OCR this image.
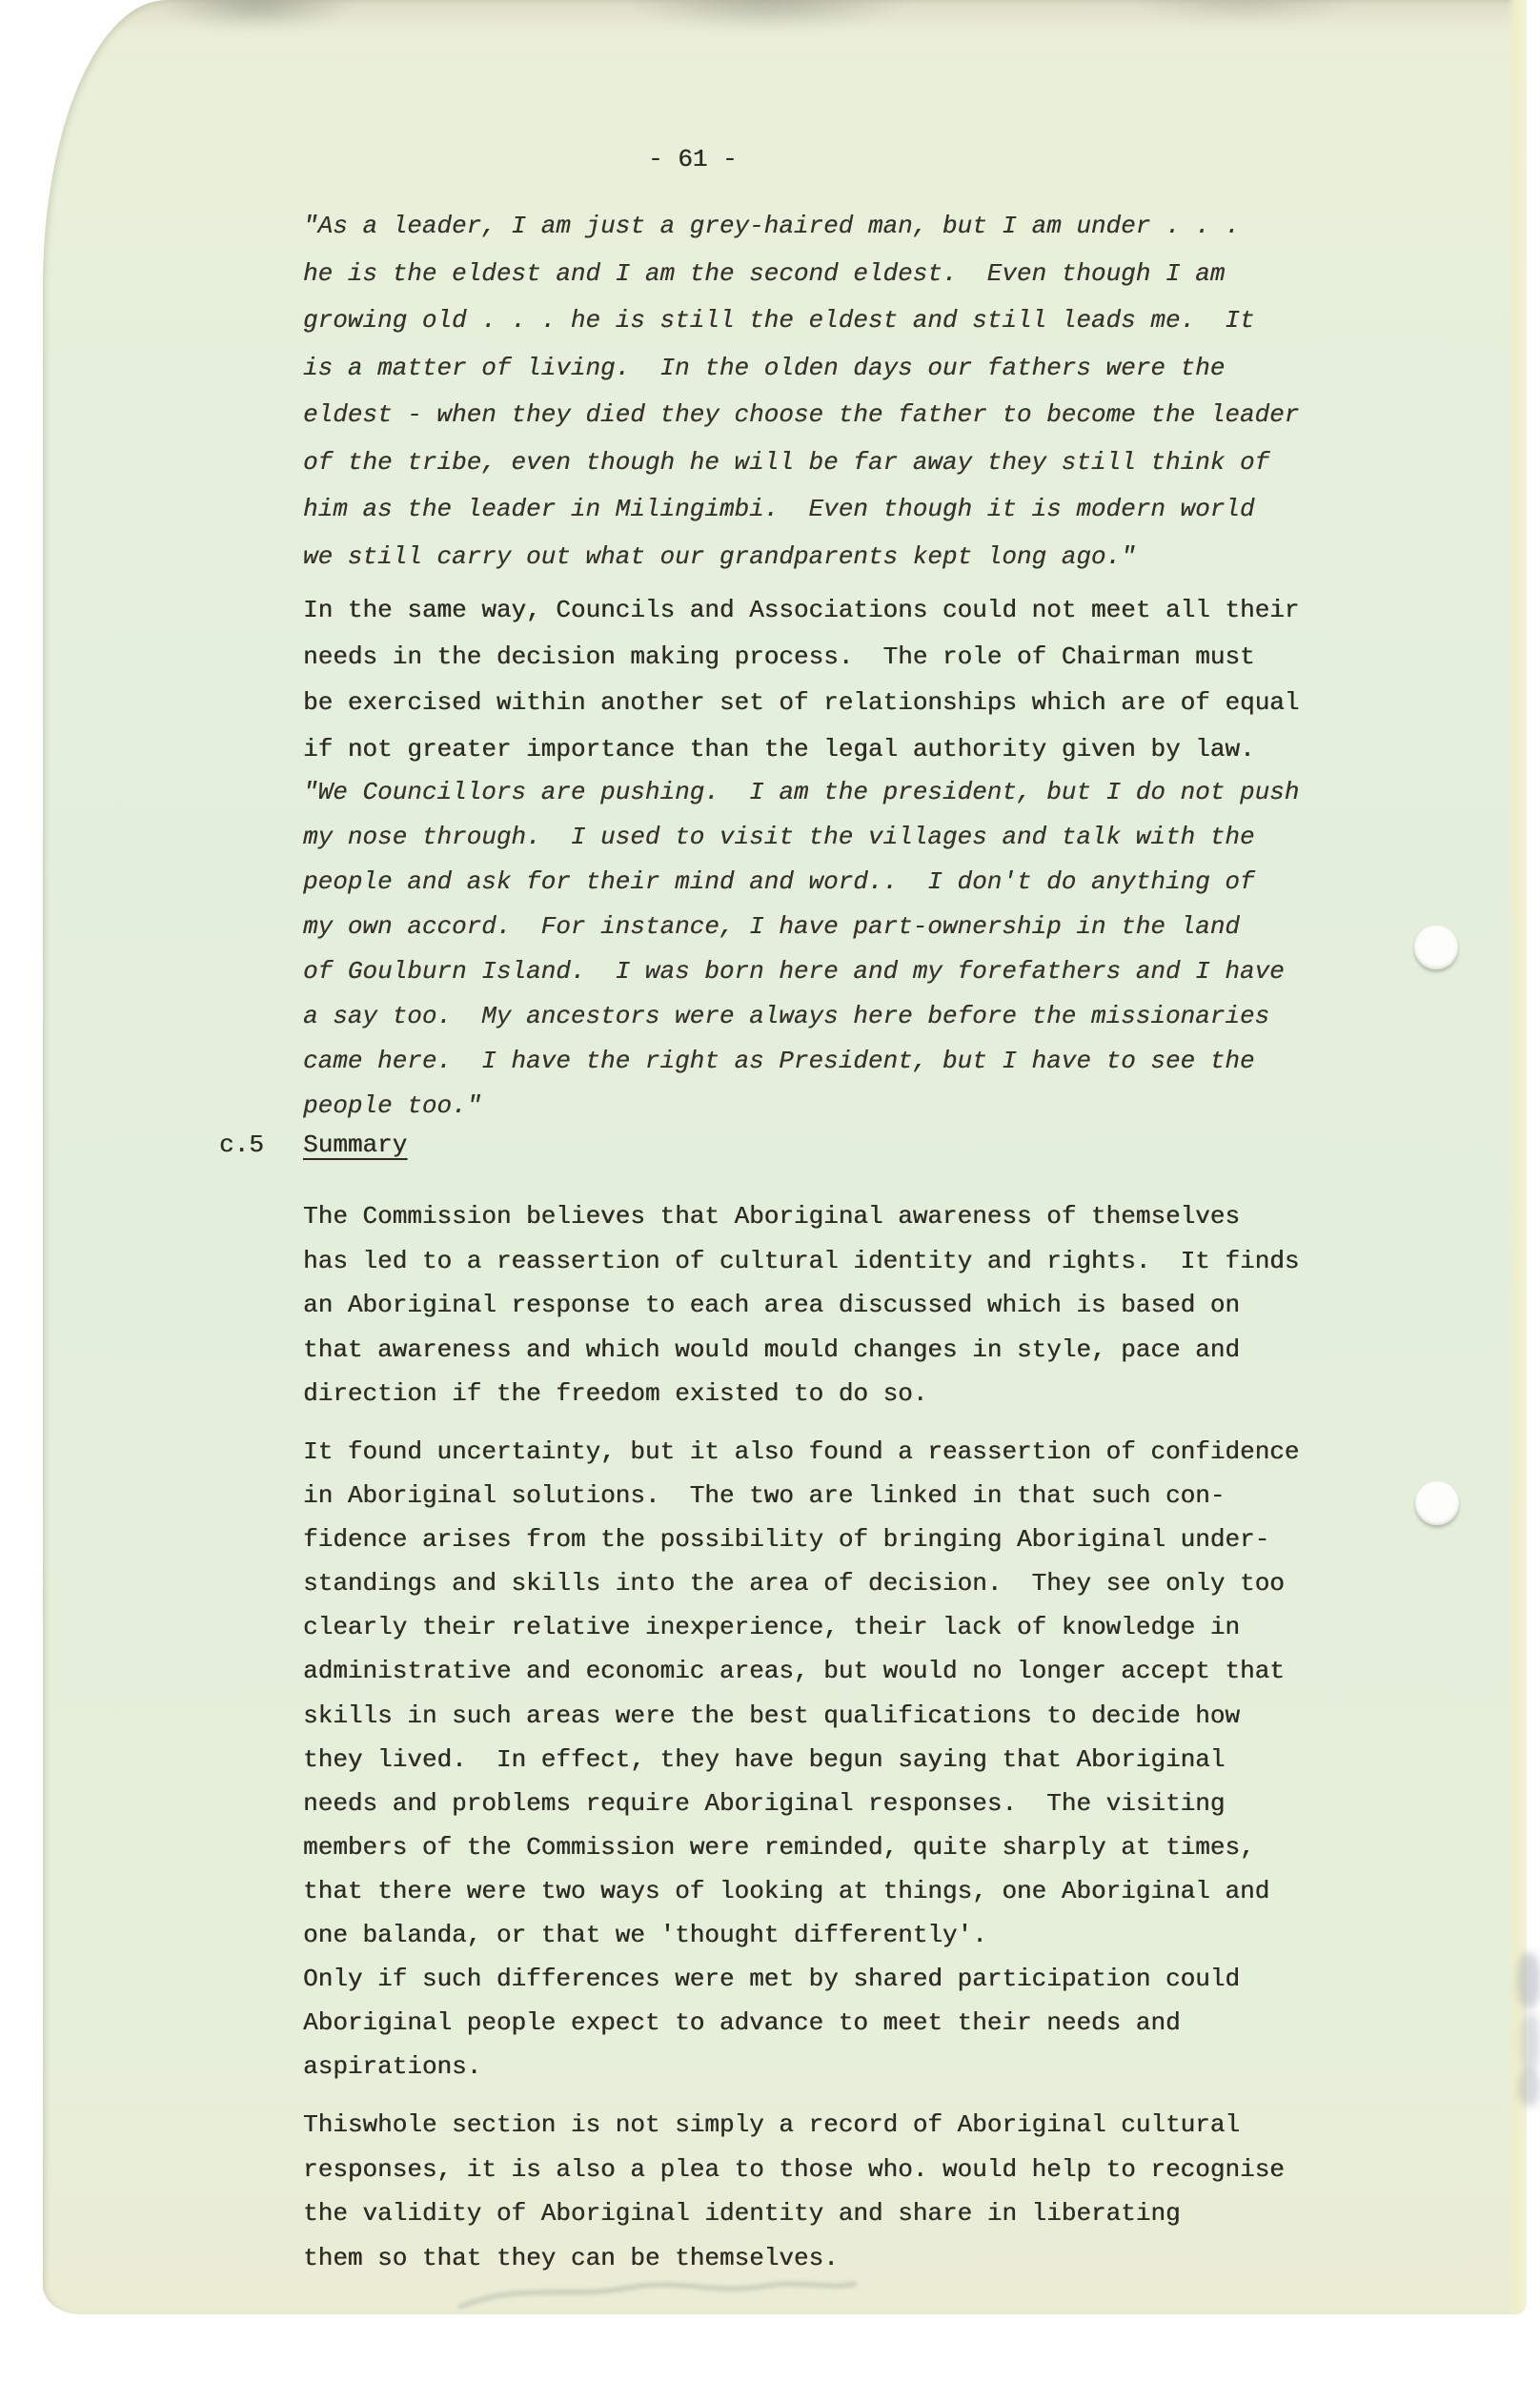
- 61 -
"As a leader, I am just a grey-haired man, but I am under . . .
he is the eldest and I am the second eldest.  Even though I am
growing old . . . he is still the eldest and still leads me.  It
is a matter of living.  In the olden days our fathers were the
eldest - when they died they choose the father to become the leader
of the tribe, even though he will be far away they still think of
him as the leader in Milingimbi.  Even though it is modern world
we still carry out what our grandparents kept long ago."
In the same way, Councils and Associations could not meet all their
needs in the decision making process.  The role of Chairman must
be exercised within another set of relationships which are of equal
if not greater importance than the legal authority given by law.
"We Councillors are pushing.  I am the president, but I do not push
my nose through.  I used to visit the villages and talk with the
people and ask for their mind and word..  I don't do anything of
my own accord.  For instance, I have part-ownership in the land
of Goulburn Island.  I was born here and my forefathers and I have
a say too.  My ancestors were always here before the missionaries
came here.  I have the right as President, but I have to see the
people too."
c.5 Summary
The Commission believes that Aboriginal awareness of themselves
has led to a reassertion of cultural identity and rights.  It finds
an Aboriginal response to each area discussed which is based on
that awareness and which would mould changes in style, pace and
direction if the freedom existed to do so.
It found uncertainty, but it also found a reassertion of confidence
in Aboriginal solutions.  The two are linked in that such con-
fidence arises from the possibility of bringing Aboriginal under-
standings and skills into the area of decision.  They see only too
clearly their relative inexperience, their lack of knowledge in
administrative and economic areas, but would no longer accept that
skills in such areas were the best qualifications to decide how
they lived.  In effect, they have begun saying that Aboriginal
needs and problems require Aboriginal responses.  The visiting
members of the Commission were reminded, quite sharply at times,
that there were two ways of looking at things, one Aboriginal and
one balanda, or that we 'thought differently'.
Only if such differences were met by shared participation could
Aboriginal people expect to advance to meet their needs and
aspirations.
Thiswhole section is not simply a record of Aboriginal cultural
responses, it is also a plea to those who. would help to recognise
the validity of Aboriginal identity and share in liberating
them so that they can be themselves.
